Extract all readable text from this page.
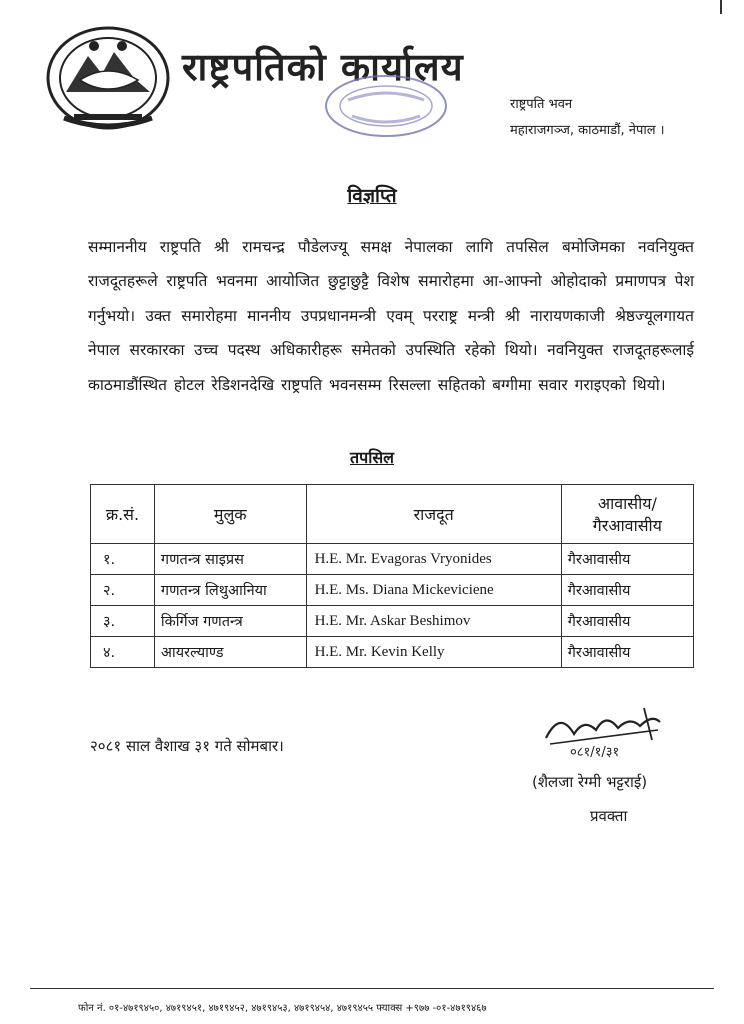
राष्ट्रपतिको कार्यालय
राष्ट्रपति भवन
महाराजगञ्ज, काठमाडौं, नेपाल ।
विज्ञप्ति
सम्माननीय राष्ट्रपति श्री रामचन्द्र पौडेलज्यू समक्ष नेपालका लागि तपसिल बमोजिमका नवनियुक्त राजदूतहरूले राष्ट्रपति भवनमा आयोजित छुट्टाछुट्टै विशेष समारोहमा आ-आफ्नो ओहोदाको प्रमाणपत्र पेश गर्नुभयो। उक्त समारोहमा माननीय उपप्रधानमन्त्री एवम् परराष्ट्र मन्त्री श्री नारायणकाजी श्रेष्ठज्यूलगायत नेपाल सरकारका उच्च पदस्थ अधिकारीहरू समेतको उपस्थिति रहेको थियो। नवनियुक्त राजदूतहरूलाई काठमाडौंस्थित होटल रेडिशनदेखि राष्ट्रपति भवनसम्म रिसल्ला सहितको बग्गीमा सवार गराइएको थियो।
तपसिल
क्र.सं.	मुलुक	राजदूत	आवासीय/ गैरआवासीय
१.	गणतन्त्र साइप्रस	H.E. Mr. Evagoras Vryonides	गैरआवासीय
२.	गणतन्त्र लिथुआनिया	H.E. Ms. Diana Mickeviciene	गैरआवासीय
३.	किर्गिज गणतन्त्र	H.E. Mr. Askar Beshimov	गैरआवासीय
४.	आयरल्याण्ड	H.E. Mr. Kevin Kelly	गैरआवासीय
२०८१ साल वैशाख ३१ गते सोमबार।	०८१/१/३१
(शैलजा रेग्मी भट्टराई)
प्रवक्ता
फोन नं. ०१-४७१९४५०, ४७१९४५१, ४७१९४५२, ४७१९४५३, ४७१९४५४, ४७१९४५५ फ्याक्स +९७७ -०१-४७१९४६७
